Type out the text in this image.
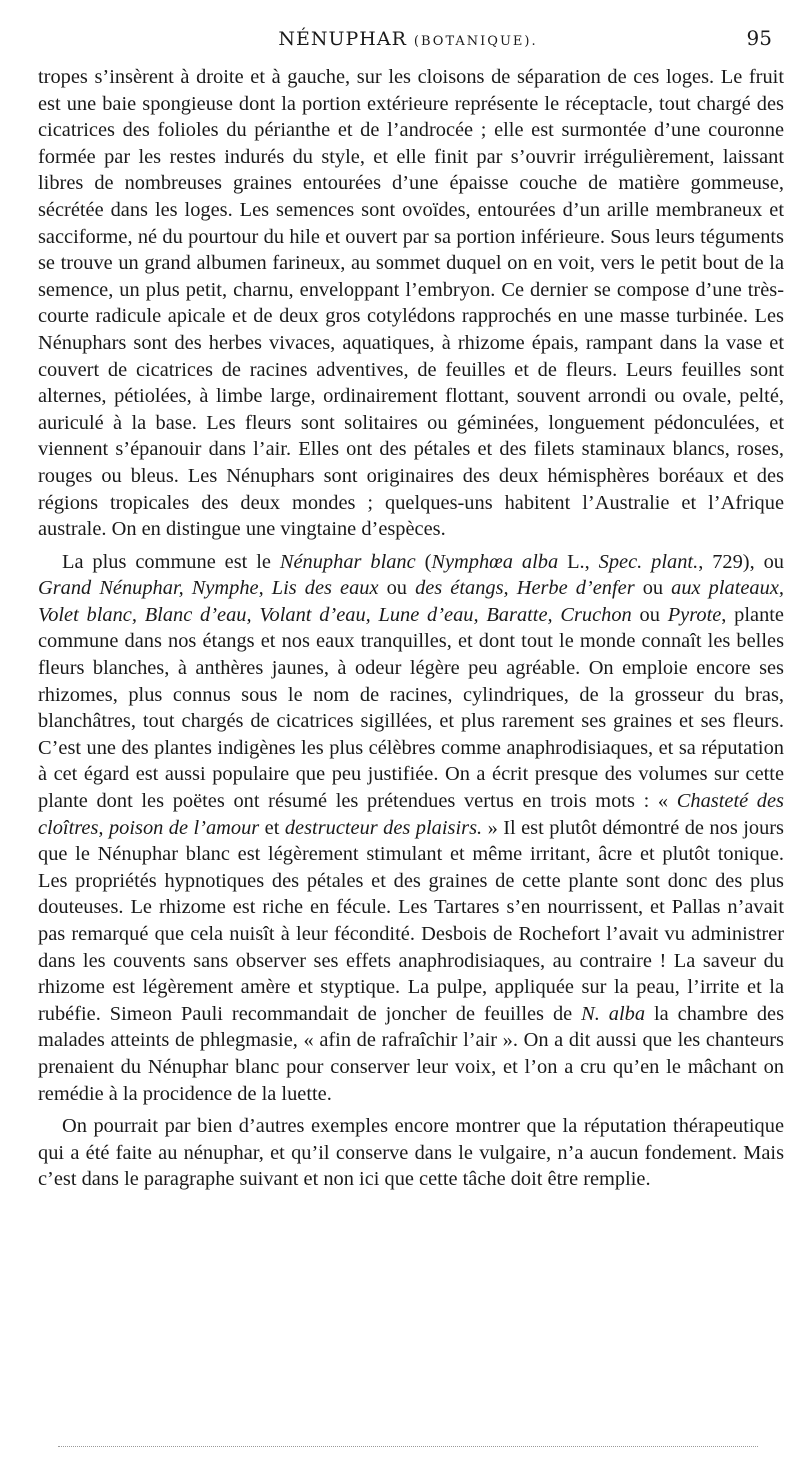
NÉNUPHAR (BOTANIQUE).	95

tropes s’insèrent à droite et à gauche, sur les cloisons de séparation de ces loges. Le fruit est une baie spongieuse dont la portion extérieure représente le réceptacle, tout chargé des cicatrices des folioles du périanthe et de l’androcée ; elle est surmontée d’une couronne formée par les restes indurés du style, et elle finit par s’ouvrir irrégulièrement, laissant libres de nombreuses graines entourées d’une épaisse couche de matière gommeuse, sécrétée dans les loges. Les semences sont ovoïdes, entourées d’un arille membraneux et sacciforme, né du pourtour du hile et ouvert par sa portion inférieure. Sous leurs téguments se trouve un grand albumen farineux, au sommet duquel on en voit, vers le petit bout de la semence, un plus petit, charnu, enveloppant l’embryon. Ce dernier se compose d’une très-courte radicule apicale et de deux gros cotylédons rapprochés en une masse turbinée. Les Nénuphars sont des herbes vivaces, aquatiques, à rhizome épais, rampant dans la vase et couvert de cicatrices de racines adventives, de feuilles et de fleurs. Leurs feuilles sont alternes, pétiolées, à limbe large, ordinairement flottant, souvent arrondi ou ovale, pelté, auriculé à la base. Les fleurs sont solitaires ou géminées, longuement pédonculées, et viennent s’épanouir dans l’air. Elles ont des pétales et des filets staminaux blancs, roses, rouges ou bleus. Les Nénuphars sont originaires des deux hémisphères boréaux et des régions tropicales des deux mondes ; quelques-uns habitent l’Australie et l’Afrique australe. On en distingue une vingtaine d’espèces.

La plus commune est le Nénuphar blanc (Nymphœa alba L., Spec. plant., 729), ou Grand Nénuphar, Nymphe, Lis des eaux ou des étangs, Herbe d’enfer ou aux plateaux, Volet blanc, Blanc d’eau, Volant d’eau, Lune d’eau, Baratte, Cruchon ou Pyrote, plante commune dans nos étangs et nos eaux tranquilles, et dont tout le monde connaît les belles fleurs blanches, à anthères jaunes, à odeur légère peu agréable. On emploie encore ses rhizomes, plus connus sous le nom de racines, cylindriques, de la grosseur du bras, blanchâtres, tout chargés de cicatrices sigillées, et plus rarement ses graines et ses fleurs. C’est une des plantes indigènes les plus célèbres comme anaphrodisiaques, et sa réputation à cet égard est aussi populaire que peu justifiée. On a écrit presque des volumes sur cette plante dont les poëtes ont résumé les prétendues vertus en trois mots : « Chasteté des cloîtres, poison de l’amour et destructeur des plaisirs. » Il est plutôt démontré de nos jours que le Nénuphar blanc est légèrement stimulant et même irritant, âcre et plutôt tonique. Les propriétés hypnotiques des pétales et des graines de cette plante sont donc des plus douteuses. Le rhizome est riche en fécule. Les Tartares s’en nourrissent, et Pallas n’avait pas remarqué que cela nuisît à leur fécondité. Desbois de Rochefort l’avait vu administrer dans les couvents sans observer ses effets anaphrodisiaques, au contraire ! La saveur du rhizome est légèrement amère et styptique. La pulpe, appliquée sur la peau, l’irrite et la rubéfie. Simeon Pauli recommandait de joncher de feuilles de N. alba la chambre des malades atteints de phlegmasie, « afin de rafraîchir l’air ». On a dit aussi que les chanteurs prenaient du Nénuphar blanc pour conserver leur voix, et l’on a cru qu’en le mâchant on remédie à la procidence de la luette.

On pourrait par bien d’autres exemples encore montrer que la réputation thérapeutique qui a été faite au nénuphar, et qu’il conserve dans le vulgaire, n’a aucun fondement. Mais c’est dans le paragraphe suivant et non ici que cette tâche doit être remplie.
